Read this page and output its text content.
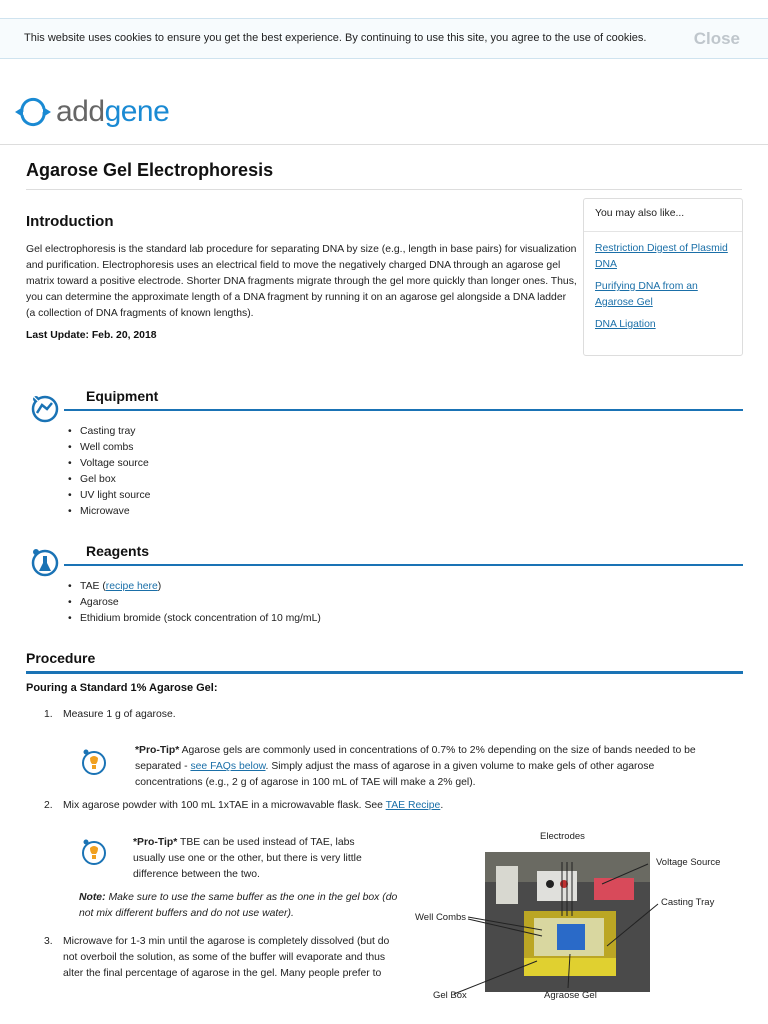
This website uses cookies to ensure you get the best experience. By continuing to use this site, you agree to the use of cookies.	Close
addgene
Agarose Gel Electrophoresis
Introduction

Gel electrophoresis is the standard lab procedure for separating DNA by size (e.g., length in base pairs) for visualization and purification. Electrophoresis uses an electrical field to move the negatively charged DNA through an agarose gel matrix toward a positive electrode. Shorter DNA fragments migrate through the gel more quickly than longer ones. Thus, you can determine the approximate length of a DNA fragment by running it on an agarose gel alongside a DNA ladder (a collection of DNA fragments of known lengths).

Last Update: Feb. 20, 2018
You may also like...
Restriction Digest of Plasmid DNA
Purifying DNA from an Agarose Gel
DNA Ligation
Equipment
• Casting tray
• Well combs
• Voltage source
• Gel box
• UV light source
• Microwave
Reagents
• TAE (recipe here)
• Agarose
• Ethidium bromide (stock concentration of 10 mg/mL)
Procedure
Pouring a Standard 1% Agarose Gel:
1. Measure 1 g of agarose.
*Pro-Tip* Agarose gels are commonly used in concentrations of 0.7% to 2% depending on the size of bands needed to be separated - see FAQs below. Simply adjust the mass of agarose in a given volume to make gels of other agarose concentrations (e.g., 2 g of agarose in 100 mL of TAE will make a 2% gel).
2. Mix agarose powder with 100 mL 1xTAE in a microwavable flask. See TAE Recipe.
*Pro-Tip* TBE can be used instead of TAE, labs usually use one or the other, but there is very little difference between the two.
Note: Make sure to use the same buffer as the one in the gel box (do not mix different buffers and do not use water).
3. Microwave for 1-3 min until the agarose is completely dissolved (but do not overboil the solution, as some of the buffer will evaporate and thus alter the final percentage of agarose in the gel. Many people prefer to
Electrodes
Voltage Source
Casting Tray
Well Combs
Gel Box	Agraose Gel
